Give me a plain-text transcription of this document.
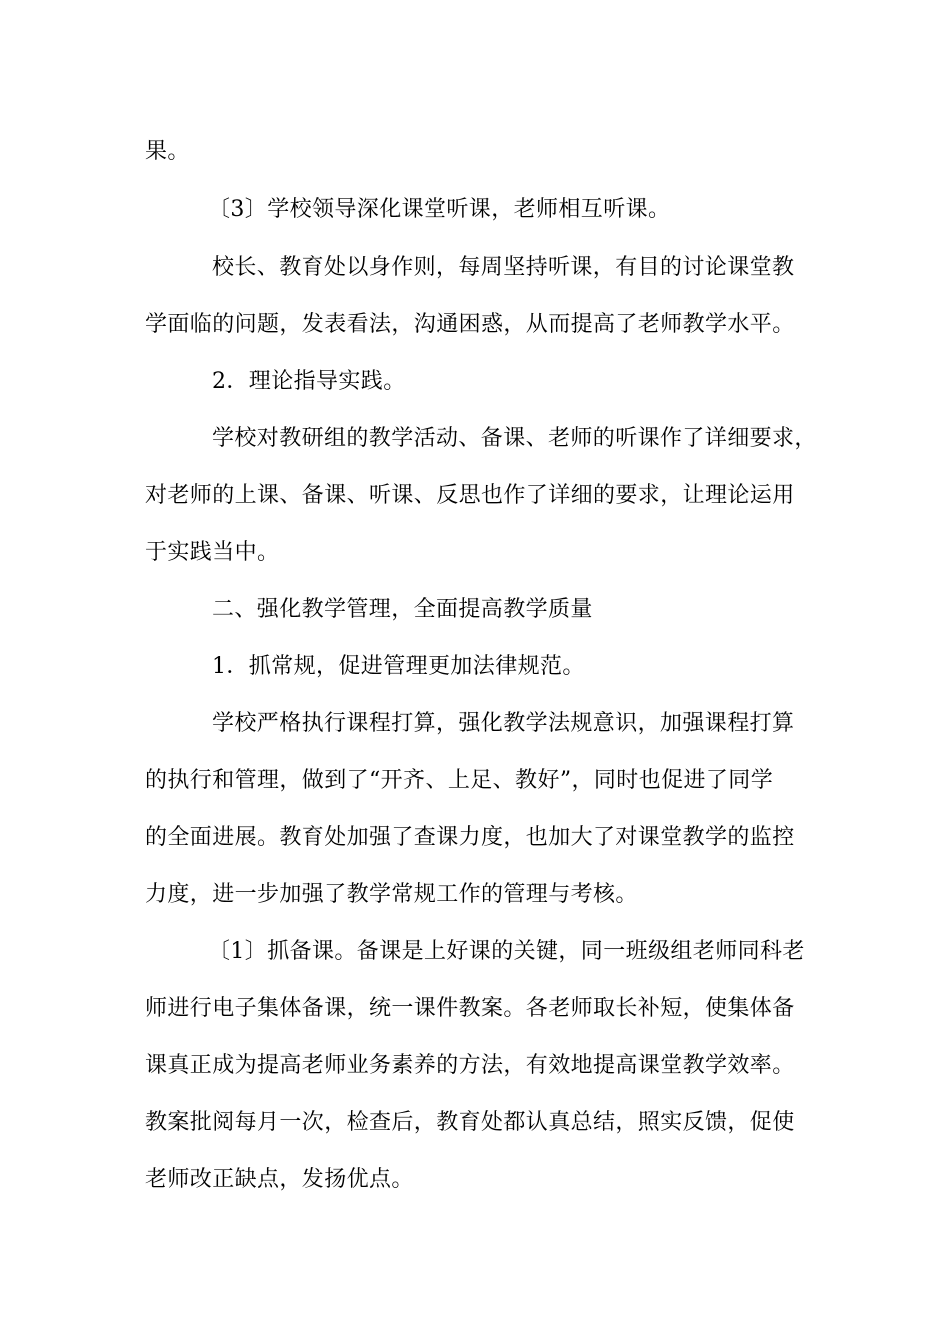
果。
〔3〕学校领导深化课堂听课，老师相互听课。
校长、教育处以身作则，每周坚持听课，有目的讨论课堂教
学面临的问题，发表看法，沟通困惑，从而提高了老师教学水平。
2．理论指导实践。
学校对教研组的教学活动、备课、老师的听课作了详细要求，
对老师的上课、备课、听课、反思也作了详细的要求，让理论运用
于实践当中。
二、强化教学管理，全面提高教学质量
1．抓常规，促进管理更加法律规范。
学校严格执行课程打算，强化教学法规意识，加强课程打算
的执行和管理，做到了“开齐、上足、教好”，同时也促进了同学
的全面进展。教育处加强了查课力度，也加大了对课堂教学的监控
力度，进一步加强了教学常规工作的管理与考核。
〔1〕抓备课。备课是上好课的关键，同一班级组老师同科老
师进行电子集体备课，统一课件教案。各老师取长补短，使集体备
课真正成为提高老师业务素养的方法，有效地提高课堂教学效率。
教案批阅每月一次，检查后，教育处都认真总结，照实反馈，促使
老师改正缺点，发扬优点。
